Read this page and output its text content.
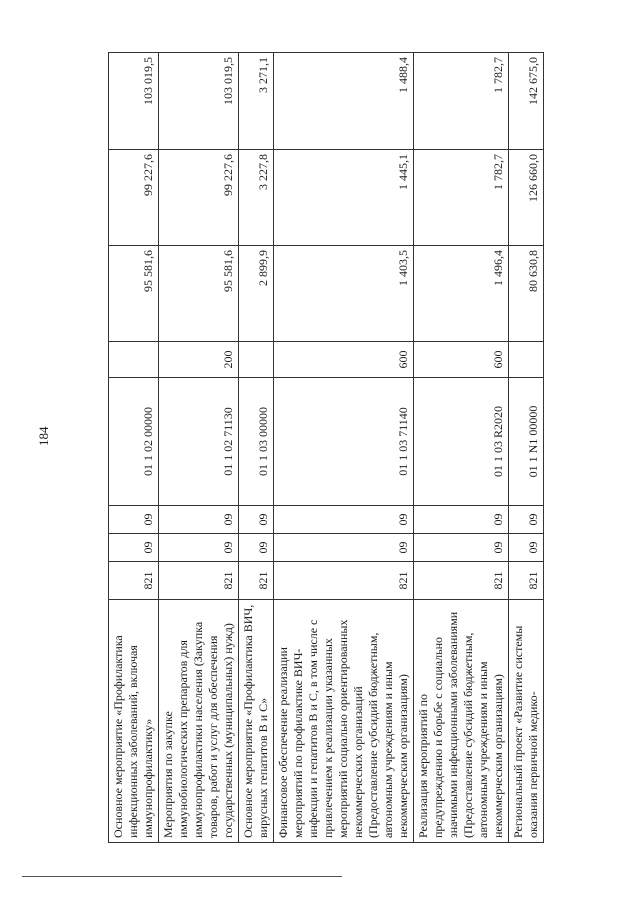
184
Основное мероприятие «Профилактика инфекционных заболеваний, включая иммунопрофилактику»	821	09	09	01 1 02 00000		95 581,6	99 227,6	103 019,5
Мероприятия по закупке иммунобиологических препаратов для иммунопрофилактики населения (Закупка товаров, работ и услуг для обеспечения государственных (муниципальных) нужд)	821	09	09	01 1 02 71130	200	95 581,6	99 227,6	103 019,5
Основное мероприятие «Профилактика ВИЧ, вирусных гепатитов В и С»	821	09	09	01 1 03 00000		2 899,9	3 227,8	3 271,1
Финансовое обеспечение реализации мероприятий по профилактике ВИЧ-инфекции и гепатитов В и С, в том числе с привлечением к реализации указанных мероприятий социально ориентированных некоммерческих организаций (Предоставление субсидий бюджетным, автономным учреждениям и иным некоммерческим организациям)	821	09	09	01 1 03 71140	600	1 403,5	1 445,1	1 488,4
Реализация мероприятий по предупреждению и борьбе с социально значимыми инфекционными заболеваниями (Предоставление субсидий бюджетным, автономным учреждениям и иным некоммерческим организациям)	821	09	09	01 1 03 R2020	600	1 496,4	1 782,7	1 782,7
Региональный проект «Развитие системы оказания первичной медико-	821	09	09	01 1 N1 00000		80 630,8	126 660,0	142 675,0
